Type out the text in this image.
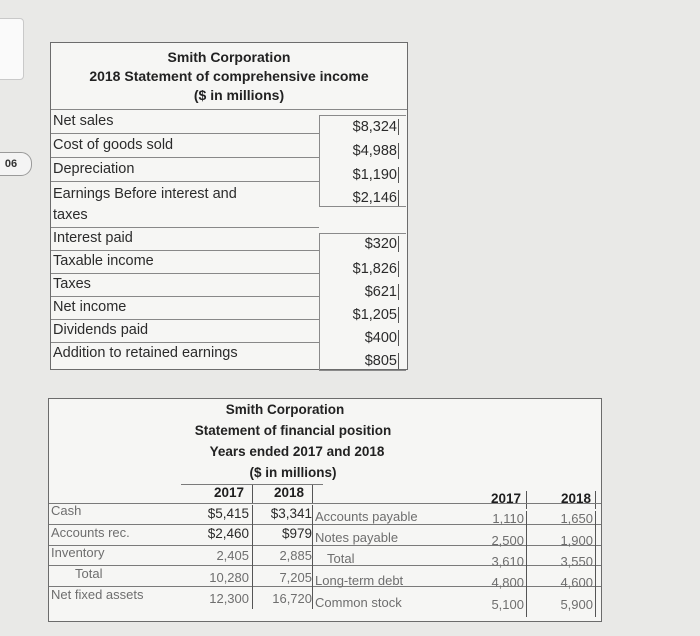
06
Smith Corporation
2018 Statement of comprehensive income
($ in millions)
Net sales	$8,324
Cost of goods sold	$4,988
Depreciation	$1,190
Earnings Before interest and	$2,146
taxes
Interest paid	$320
Taxable income	$1,826
Taxes	$621
Net income	$1,205
Dividends paid	$400
Addition to retained earnings	$805
Smith Corporation
Statement of financial position
Years ended 2017 and 2018
($ in millions)
2017 2018	2017	2018
Cash	$5,415	$3,341 Accounts payable	1,110	1,650
Accounts rec.	$2,460	$979 Notes payable	2,500	1,900
Inventory	2,405	2,885 Total	3,610	3,550
Total	10,280	7,205 Long-term debt	4,800	4,600
Net fixed assets	12,300	16,720 Common stock	5,100	5,900
